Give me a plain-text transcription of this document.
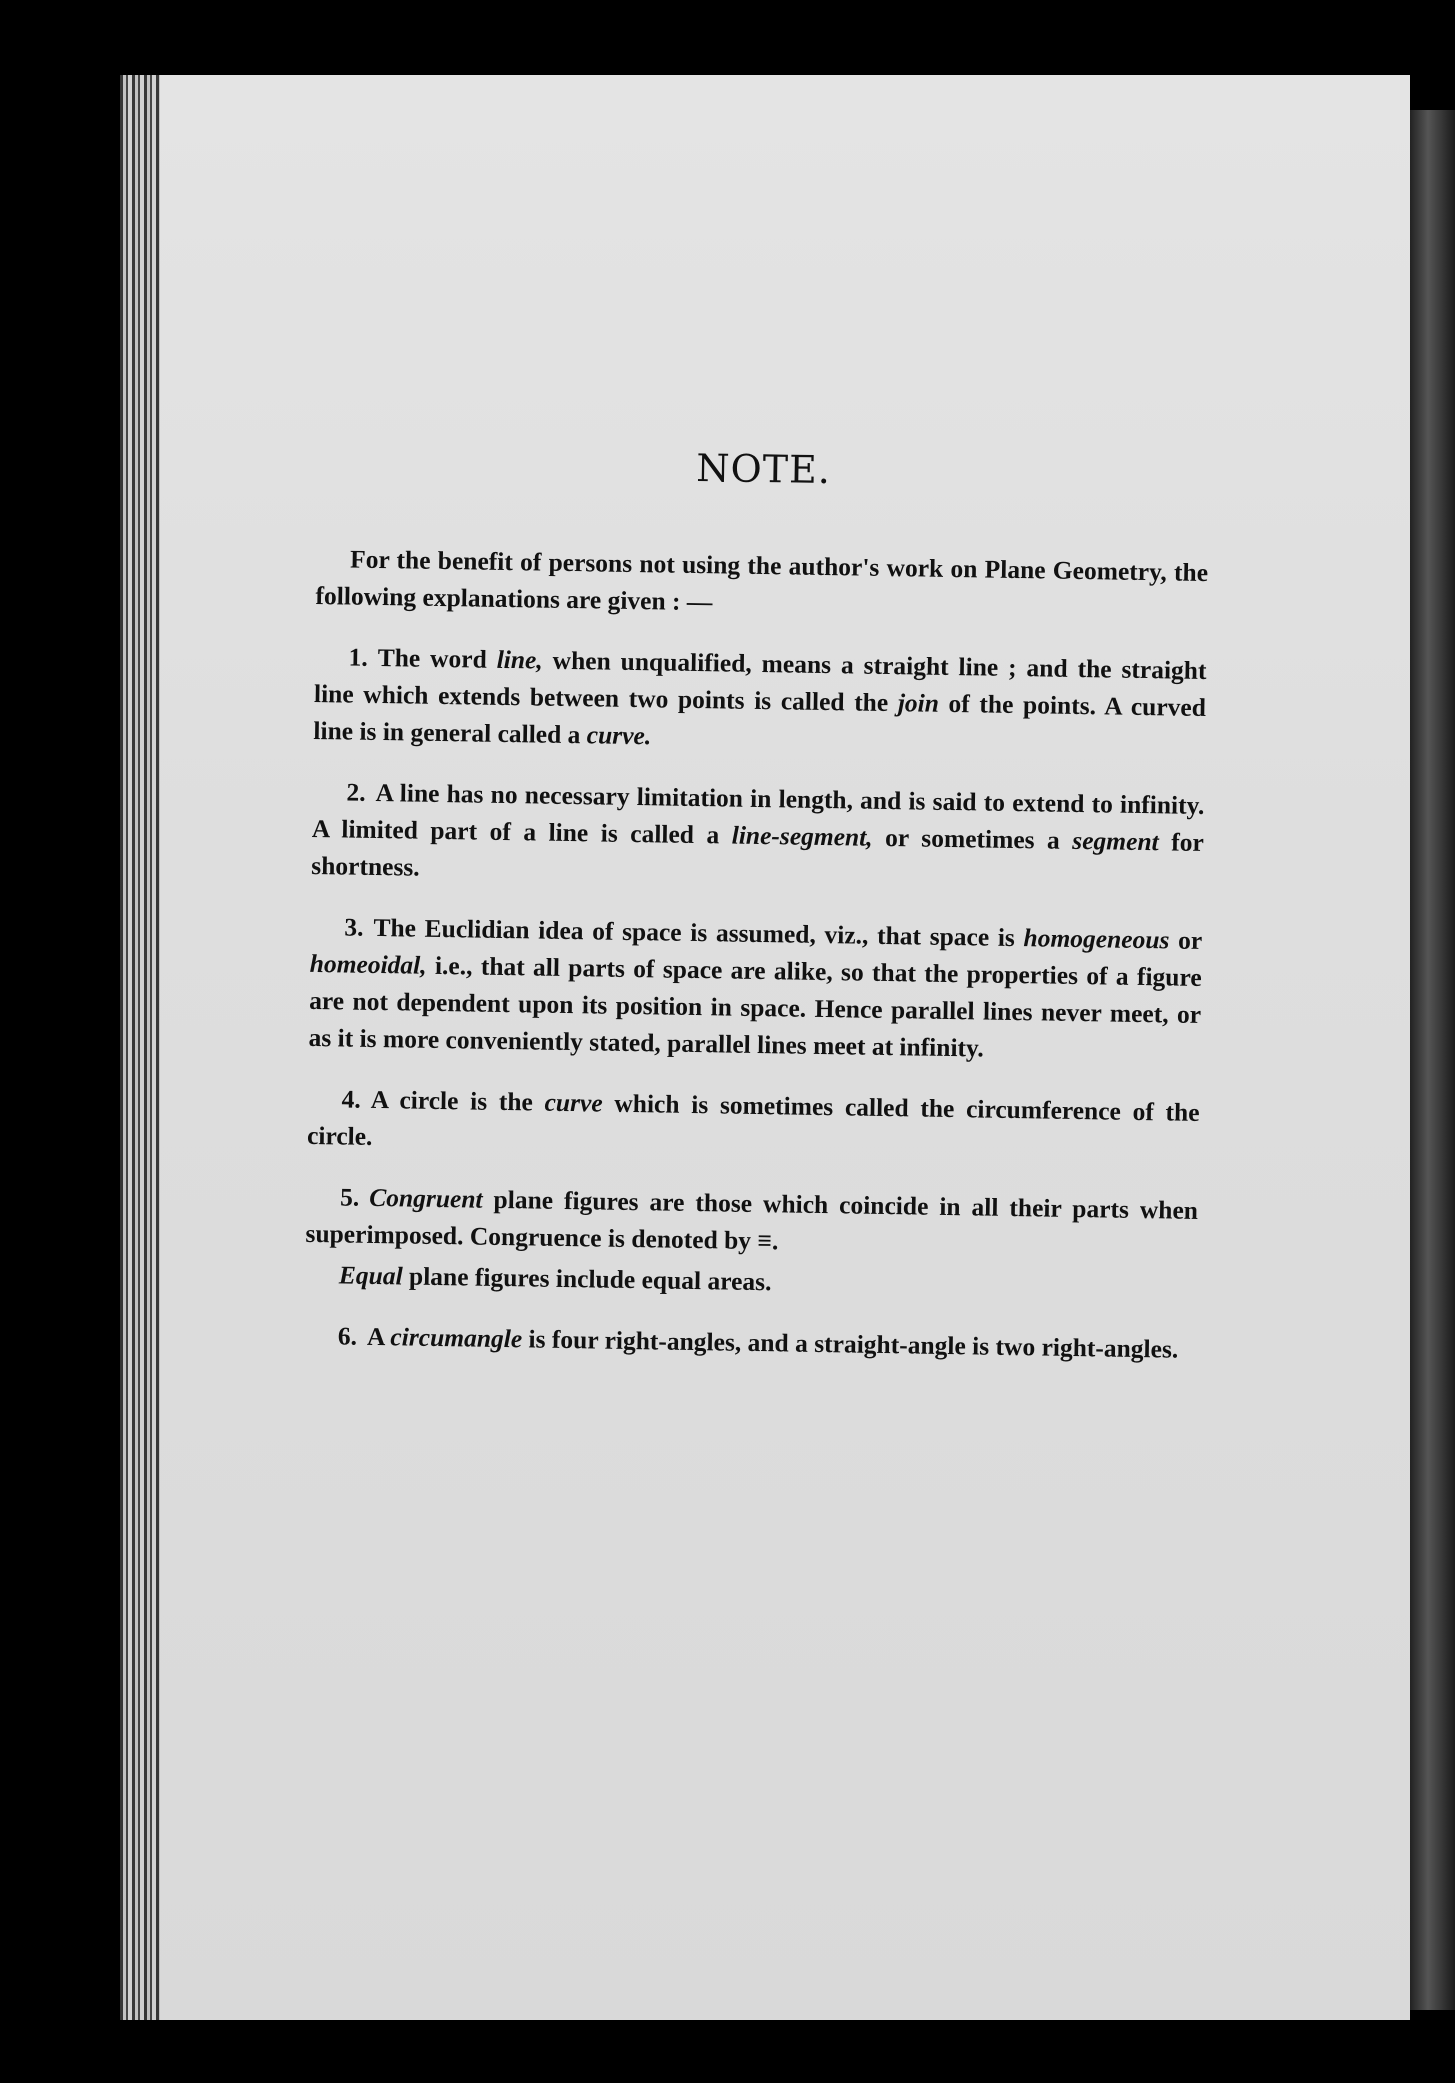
NOTE.

For the benefit of persons not using the author's work on Plane Geometry, the following explanations are given : —

1. The word line, when unqualified, means a straight line ; and the straight line which extends between two points is called the join of the points. A curved line is in general called a curve.

2. A line has no necessary limitation in length, and is said to extend to infinity. A limited part of a line is called a line-segment, or sometimes a segment for shortness.

3. The Euclidian idea of space is assumed, viz., that space is homogeneous or homeoidal, i.e., that all parts of space are alike, so that the properties of a figure are not dependent upon its position in space. Hence parallel lines never meet, or as it is more conveniently stated, parallel lines meet at infinity.

4. A circle is the curve which is sometimes called the circumference of the circle.

5. Congruent plane figures are those which coincide in all their parts when superimposed. Congruence is denoted by ≡.

Equal plane figures include equal areas.

6. A circumangle is four right-angles, and a straight-angle is two right-angles.
